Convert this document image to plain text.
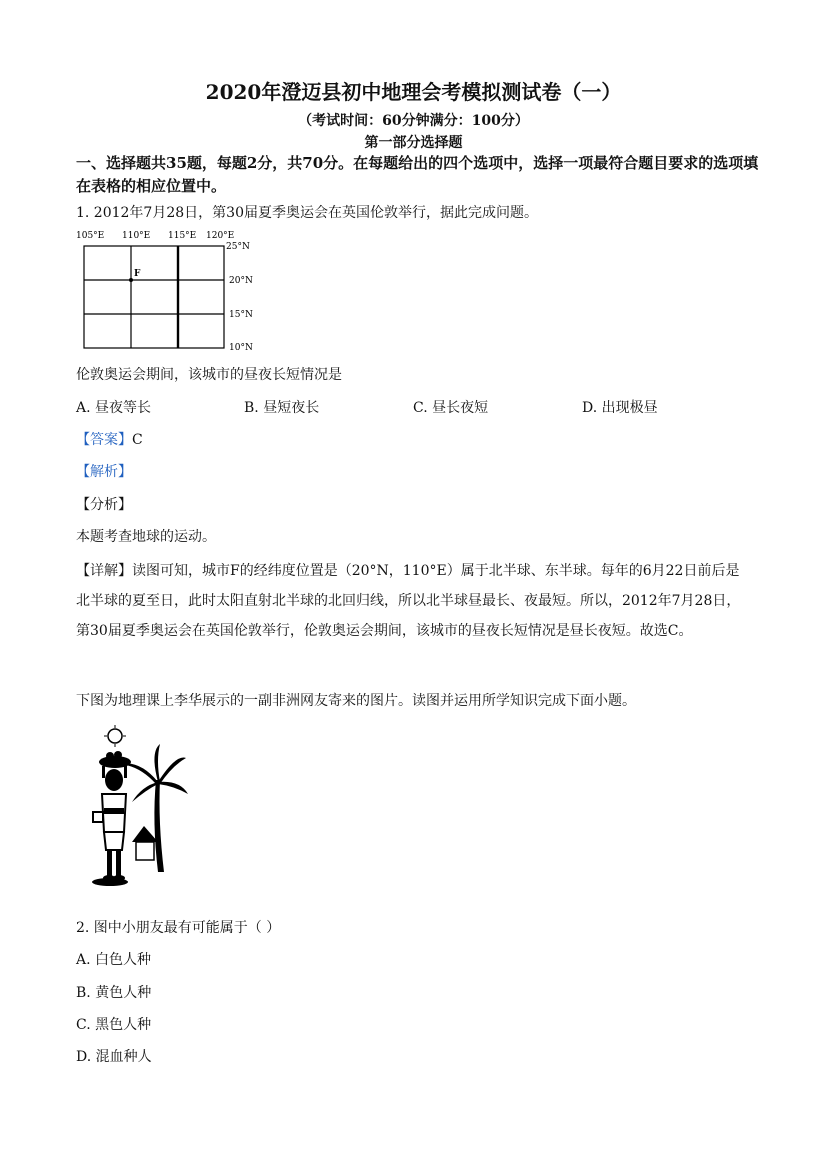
2020年澄迈县初中地理会考模拟测试卷（一）
（考试时间：60分钟满分：100分）
第一部分选择题
一、选择题共35题，每题2分，共70分。在每题给出的四个选项中，选择一项最符合题目要求的选项填在表格的相应位置中。
1. 2012年7月28日，第30届夏季奥运会在英国伦敦举行，据此完成问题。
105°E 110°E 115°E 120°E
25°N
20°N
15°N
10°N
F
伦敦奥运会期间，该城市的昼夜长短情况是
A. 昼夜等长	B. 昼短夜长	C. 昼长夜短	D. 出现极昼
【答案】C
【解析】
【分析】
本题考查地球的运动。
【详解】读图可知，城市F的经纬度位置是（20°N，110°E）属于北半球、东半球。每年的6月22日前后是北半球的夏至日，此时太阳直射北半球的北回归线，所以北半球昼最长、夜最短。所以，2012年7月28日，第30届夏季奥运会在英国伦敦举行，伦敦奥运会期间，该城市的昼夜长短情况是昼长夜短。故选C。
下图为地理课上李华展示的一副非洲网友寄来的图片。读图并运用所学知识完成下面小题。
2. 图中小朋友最有可能属于（ ）
A. 白色人种
B. 黄色人种
C. 黑色人种
D. 混血种人
